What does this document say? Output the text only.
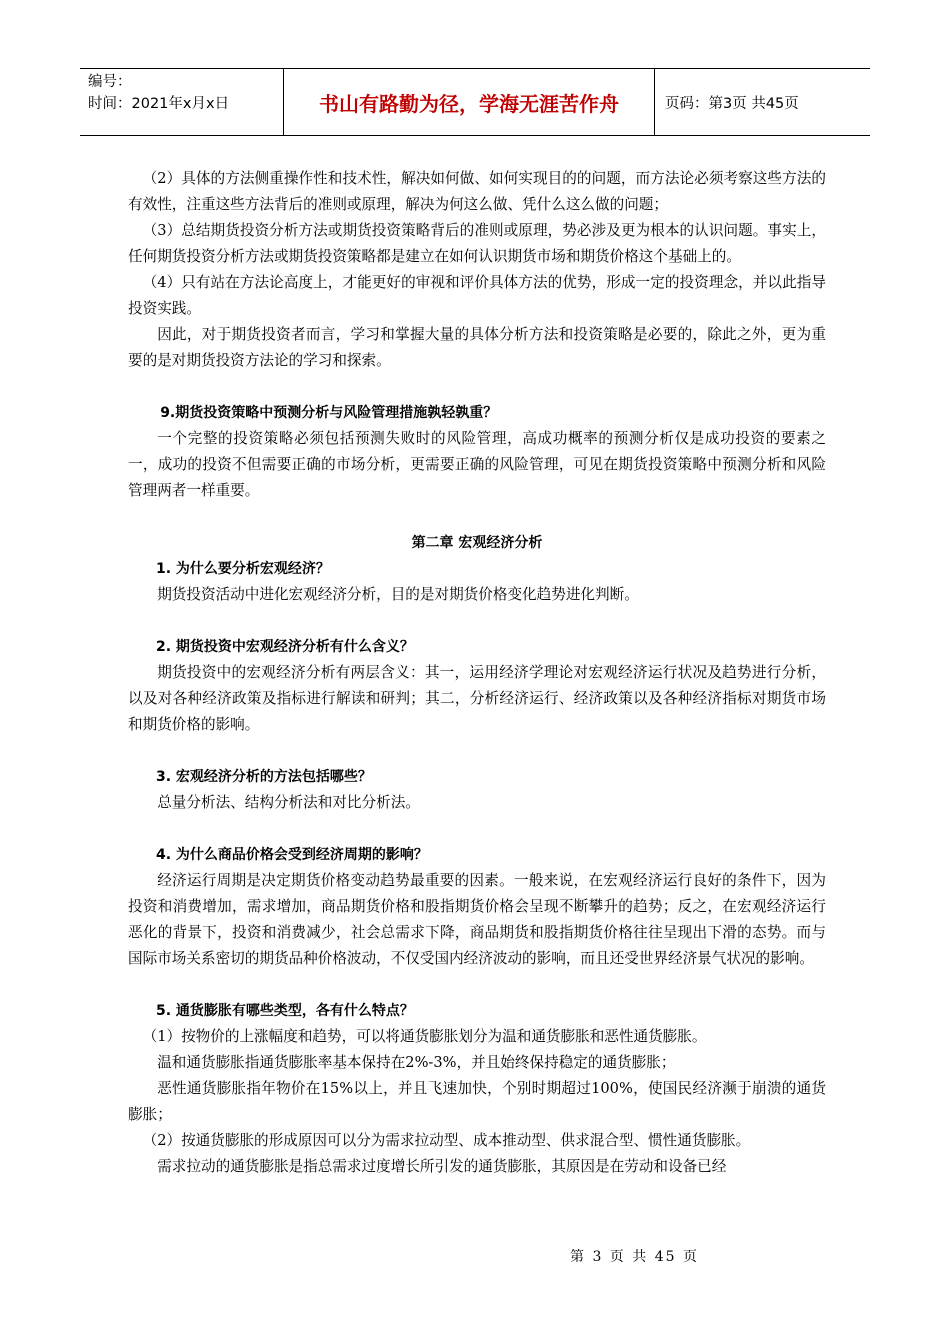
编号：
时间：2021年x月x日	书山有路勤为径，学海无涯苦作舟	页码：第3页 共45页

（2）具体的方法侧重操作性和技术性，解决如何做、如何实现目的的问题，而方法论必须考察这些方法的有效性，注重这些方法背后的准则或原理，解决为何这么做、凭什么这么做的问题；

（3）总结期货投资分析方法或期货投资策略背后的准则或原理，势必涉及更为根本的认识问题。事实上，任何期货投资分析方法或期货投资策略都是建立在如何认识期货市场和期货价格这个基础上的。

（4）只有站在方法论高度上，才能更好的审视和评价具体方法的优势，形成一定的投资理念，并以此指导投资实践。

因此，对于期货投资者而言，学习和掌握大量的具体分析方法和投资策略是必要的，除此之外，更为重要的是对期货投资方法论的学习和探索。

9.期货投资策略中预测分析与风险管理措施孰轻孰重？

一个完整的投资策略必须包括预测失败时的风险管理，高成功概率的预测分析仅是成功投资的要素之一，成功的投资不但需要正确的市场分析，更需要正确的风险管理，可见在期货投资策略中预测分析和风险管理两者一样重要。

第二章 宏观经济分析
1. 为什么要分析宏观经济？

期货投资活动中进化宏观经济分析，目的是对期货价格变化趋势进化判断。

2. 期货投资中宏观经济分析有什么含义？

期货投资中的宏观经济分析有两层含义：其一，运用经济学理论对宏观经济运行状况及趋势进行分析，以及对各种经济政策及指标进行解读和研判；其二，分析经济运行、经济政策以及各种经济指标对期货市场和期货价格的影响。

3. 宏观经济分析的方法包括哪些？

总量分析法、结构分析法和对比分析法。

4. 为什么商品价格会受到经济周期的影响？

经济运行周期是决定期货价格变动趋势最重要的因素。一般来说，在宏观经济运行良好的条件下，因为投资和消费增加，需求增加，商品期货价格和股指期货价格会呈现不断攀升的趋势；反之，在宏观经济运行恶化的背景下，投资和消费减少，社会总需求下降，商品期货和股指期货价格往往呈现出下滑的态势。而与国际市场关系密切的期货品种价格波动，不仅受国内经济波动的影响，而且还受世界经济景气状况的影响。

5. 通货膨胀有哪些类型，各有什么特点？

（1）按物价的上涨幅度和趋势，可以将通货膨胀划分为温和通货膨胀和恶性通货膨胀。

温和通货膨胀指通货膨胀率基本保持在2%-3%，并且始终保持稳定的通货膨胀；

恶性通货膨胀指年物价在15%以上，并且飞速加快，个别时期超过100%，使国民经济濒于崩溃的通货膨胀；

（2）按通货膨胀的形成原因可以分为需求拉动型、成本推动型、供求混合型、惯性通货膨胀。

需求拉动的通货膨胀是指总需求过度增长所引发的通货膨胀，其原因是在劳动和设备已经

第 3 页 共 45 页
